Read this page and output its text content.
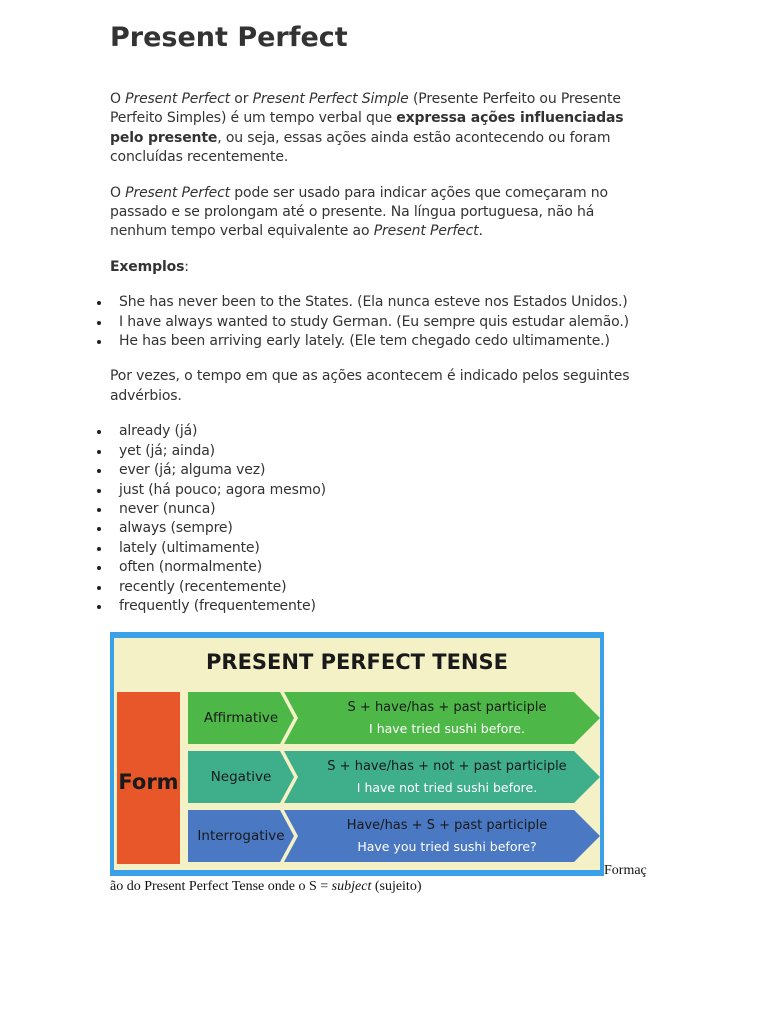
Present Perfect

O Present Perfect or Present Perfect Simple (Presente Perfeito ou Presente Perfeito Simples) é um tempo verbal que expressa ações influenciadas pelo presente, ou seja, essas ações ainda estão acontecendo ou foram concluídas recentemente.

O Present Perfect pode ser usado para indicar ações que começaram no passado e se prolongam até o presente. Na língua portuguesa, não há nenhum tempo verbal equivalente ao Present Perfect.

Exemplos:

She has never been to the States. (Ela nunca esteve nos Estados Unidos.)
I have always wanted to study German. (Eu sempre quis estudar alemão.)
He has been arriving early lately. (Ele tem chegado cedo ultimamente.)

Por vezes, o tempo em que as ações acontecem é indicado pelos seguintes advérbios.

already (já)
yet (já; ainda)
ever (já; alguma vez)
just (há pouco; agora mesmo)
never (nunca)
always (sempre)
lately (ultimamente)
often (normalmente)
recently (recentemente)
frequently (frequentemente)
PRESENT PERFECT TENSE
Form
Affirmative
S + have/has + past participle
I have tried sushi before.
Negative
S + have/has + not + past participle
I have not tried sushi before.
Interrogative
Have/has + S + past participle
Have you tried sushi before?
Formaç
ão do Present Perfect Tense onde o S = subject (sujeito)
